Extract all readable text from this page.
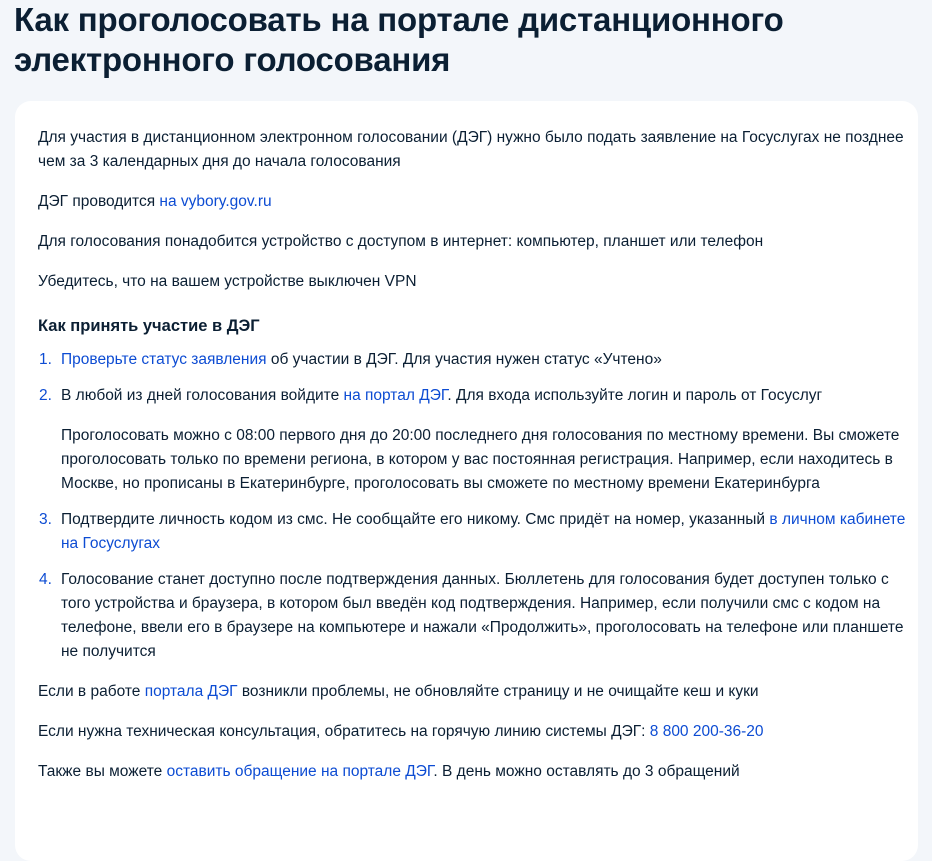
Как проголосовать на портале дистанционного электронного голосования

Для участия в дистанционном электронном голосовании (ДЭГ) нужно было подать заявление на Госуслугах не позднее чем за 3 календарных дня до начала голосования

ДЭГ проводится на vybory.gov.ru

Для голосования понадобится устройство с доступом в интернет: компьютер, планшет или телефон

Убедитесь, что на вашем устройстве выключен VPN

Как принять участие в ДЭГ
1. Проверьте статус заявления об участии в ДЭГ. Для участия нужен статус «Учтено»
2. В любой из дней голосования войдите на портал ДЭГ. Для входа используйте логин и пароль от Госуслуг

Проголосовать можно с 08:00 первого дня до 20:00 последнего дня голосования по местному времени. Вы сможете проголосовать только по времени региона, в котором у вас постоянная регистрация. Например, если находитесь в Москве, но прописаны в Екатеринбурге, проголосовать вы сможете по местному времени Екатеринбурга

3. Подтвердите личность кодом из смс. Не сообщайте его никому. Смс придёт на номер, указанный в личном кабинете на Госуслугах
4. Голосование станет доступно после подтверждения данных. Бюллетень для голосования будет доступен только с того устройства и браузера, в котором был введён код подтверждения. Например, если получили смс с кодом на телефоне, ввели его в браузере на компьютере и нажали «Продолжить», проголосовать на телефоне или планшете не получится

Если в работе портала ДЭГ возникли проблемы, не обновляйте страницу и не очищайте кеш и куки

Если нужна техническая консультация, обратитесь на горячую линию системы ДЭГ: 8 800 200-36-20

Также вы можете оставить обращение на портале ДЭГ. В день можно оставлять до 3 обращений
